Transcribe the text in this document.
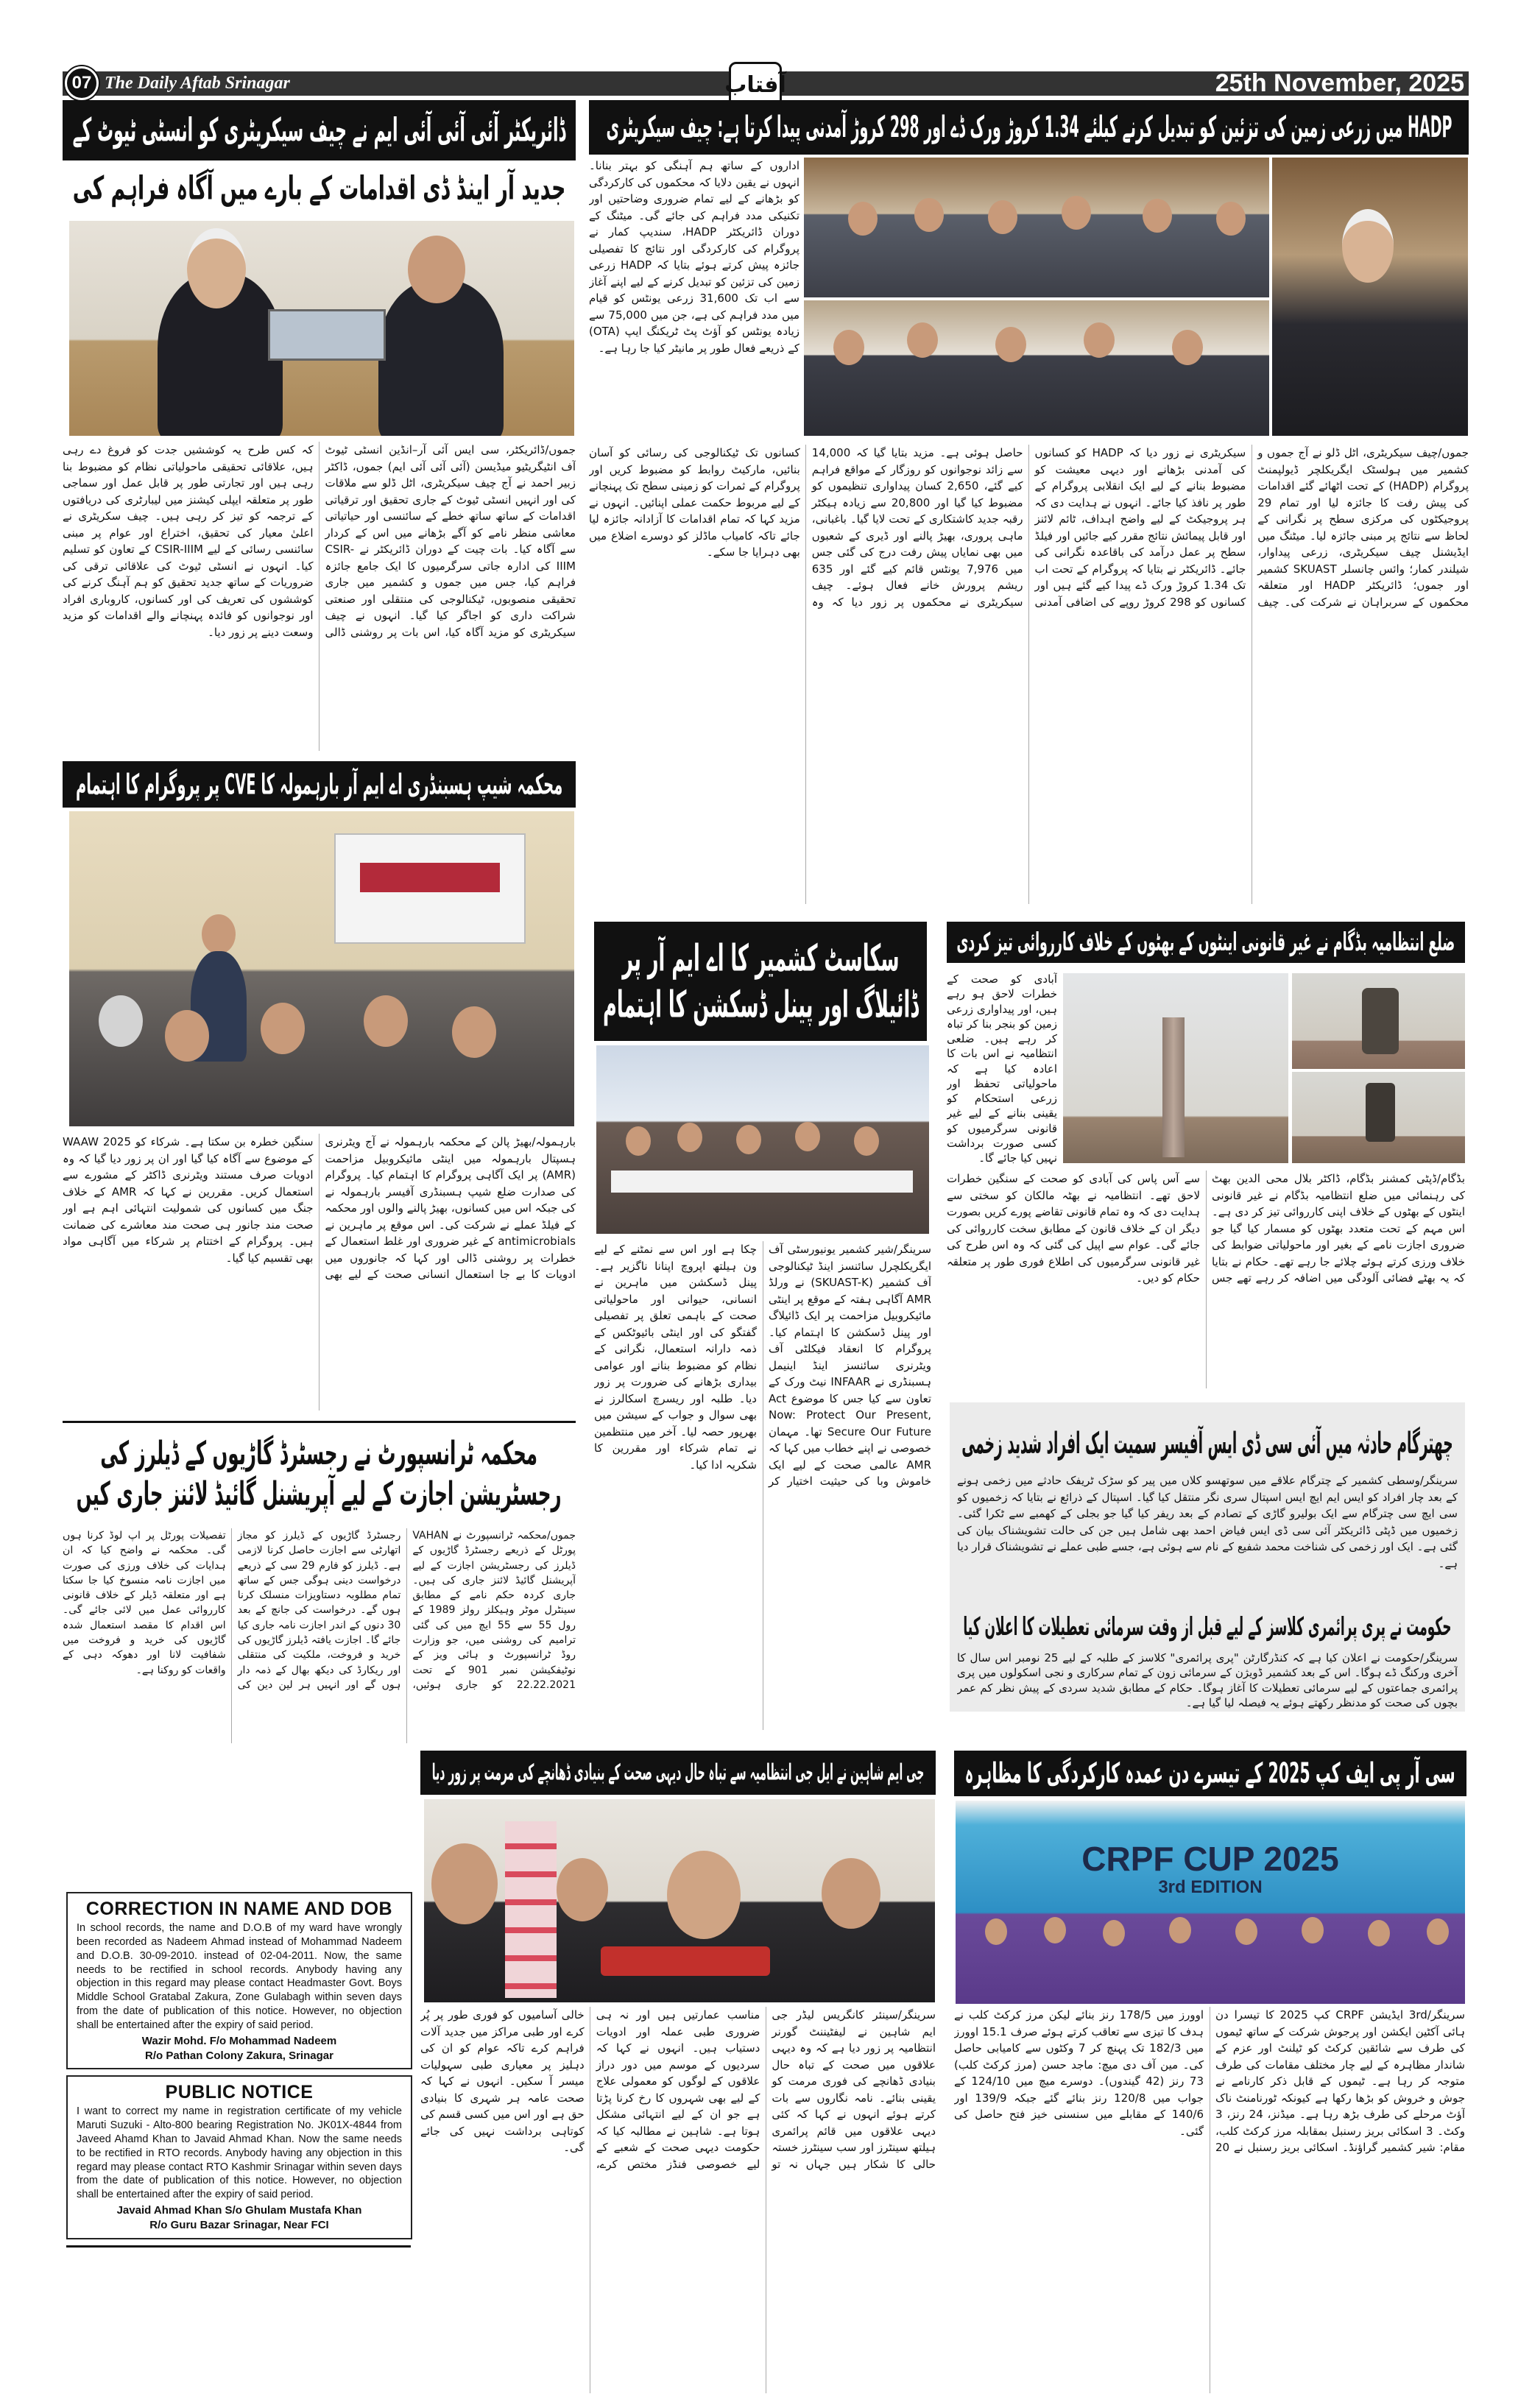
07 The Daily Aftab Srinagar	آفتاب	25th November, 2025
ڈائریکٹر آئی آئی آئی ایم نے چیف سیکریٹری کو انسٹی ٹیوٹ کے
جدید آر اینڈ ڈی اقدامات کے بارے میں آگاہ فراہم کی
جموں/ڈائریکٹر، سی ایس آئی آر–انڈین انسٹی ٹیوٹ آف انٹیگریٹیو میڈیسن (آئی آئی آئی ایم) جموں، ڈاکٹر زبیر احمد نے آج چیف سیکریٹری، اٹل ڈلو سے ملاقات کی اور انہیں انسٹی ٹیوٹ کے جاری تحقیق اور ترقیاتی اقدامات کے ساتھ ساتھ خطے کے سائنسی اور حیاتیاتی معاشی منظر نامے کو آگے بڑھانے میں اس کے کردار سے آگاہ کیا۔ بات چیت کے دوران ڈائریکٹر نے CSIR-IIIM کی ادارہ جاتی سرگرمیوں کا ایک جامع جائزہ فراہم کیا، جس میں جموں و کشمیر میں جاری تحقیقی منصوبوں، ٹیکنالوجی کی منتقلی اور صنعتی شراکت داری کو اجاگر کیا گیا۔ انہوں نے چیف سیکریٹری کو مزید آگاہ کیا، اس بات پر روشنی ڈالی کہ کس طرح یہ کوششیں جدت کو فروغ دے رہی ہیں، علاقائی تحقیقی ماحولیاتی نظام کو مضبوط بنا رہی ہیں اور تجارتی طور پر قابل عمل اور سماجی طور پر متعلقہ ایپلی کیشنز میں لیبارٹری کی دریافتوں کے ترجمہ کو تیز کر رہی ہیں۔ چیف سکریٹری نے اعلیٰ معیار کی تحقیق، اختراع اور عوام پر مبنی سائنسی رسائی کے لیے CSIR-IIIM کے تعاون کو تسلیم کیا۔ انہوں نے انسٹی ٹیوٹ کی علاقائی ترقی کی ضروریات کے ساتھ جدید تحقیق کو ہم آہنگ کرنے کی کوششوں کی تعریف کی اور کسانوں، کاروباری افراد اور نوجوانوں کو فائدہ پہنچانے والے اقدامات کو مزید وسعت دینے پر زور دیا۔
HADP میں زرعی زمین کی تزئین کو تبدیل کرنے کیلئے 1.34 کروڑ ورک ڈے اور 298 کروڑ آمدنی پیدا کرتا ہے: چیف سیکریٹری
اداروں کے ساتھ ہم آہنگی کو بہتر بنانا۔ انہوں نے یقین دلایا کہ محکموں کی کارکردگی کو بڑھانے کے لیے تمام ضروری وضاحتیں اور تکنیکی مدد فراہم کی جائے گی۔ میٹنگ کے دوران ڈائریکٹر HADP، سندیپ کمار نے پروگرام کی کارکردگی اور نتائج کا تفصیلی جائزہ پیش کرتے ہوئے بتایا کہ HADP زرعی زمین کی تزئین کو تبدیل کرنے کے لیے اپنے آغاز سے اب تک 31,600 زرعی یونٹس کو قیام میں مدد فراہم کی ہے، جن میں 75,000 سے زیادہ یونٹس کو آؤٹ پٹ ٹریکنگ ایپ (OTA) کے ذریعے فعال طور پر مانیٹر کیا جا رہا ہے۔
جموں/چیف سیکریٹری، اٹل ڈلو نے آج جموں و کشمیر میں ہولسٹک ایگریکلچر ڈیولپمنٹ پروگرام (HADP) کے تحت اٹھائے گئے اقدامات کی پیش رفت کا جائزہ لیا اور تمام 29 پروجیکٹوں کی مرکزی سطح پر نگرانی کے لحاظ سے نتائج پر مبنی جائزہ لیا۔ میٹنگ میں ایڈیشنل چیف سیکریٹری، زرعی پیداوار، شیلندر کمار؛ وائس چانسلر SKUAST کشمیر اور جموں؛ ڈائریکٹر HADP اور متعلقہ محکموں کے سربراہان نے شرکت کی۔ چیف سیکریٹری نے زور دیا کہ HADP کو کسانوں کی آمدنی بڑھانے اور دیہی معیشت کو مضبوط بنانے کے لیے ایک انقلابی پروگرام کے طور پر نافذ کیا جائے۔ انہوں نے ہدایت دی کہ ہر پروجیکٹ کے لیے واضح اہداف، ٹائم لائنز اور قابل پیمائش نتائج مقرر کیے جائیں اور فیلڈ سطح پر عمل درآمد کی باقاعدہ نگرانی کی جائے۔ ڈائریکٹر نے بتایا کہ پروگرام کے تحت اب تک 1.34 کروڑ ورک ڈے پیدا کیے گئے ہیں اور کسانوں کو 298 کروڑ روپے کی اضافی آمدنی حاصل ہوئی ہے۔ مزید بتایا گیا کہ 14,000 سے زائد نوجوانوں کو روزگار کے مواقع فراہم کیے گئے، 2,650 کسان پیداواری تنظیموں کو مضبوط کیا گیا اور 20,800 سے زیادہ ہیکٹر رقبہ جدید کاشتکاری کے تحت لایا گیا۔ باغبانی، ماہی پروری، بھیڑ پالنے اور ڈیری کے شعبوں میں بھی نمایاں پیش رفت درج کی گئی جس میں 7,976 یونٹس قائم کیے گئے اور 635 ریشم پرورش خانے فعال ہوئے۔ چیف سیکریٹری نے محکموں پر زور دیا کہ وہ کسانوں تک ٹیکنالوجی کی رسائی کو آسان بنائیں، مارکیٹ روابط کو مضبوط کریں اور پروگرام کے ثمرات کو زمینی سطح تک پہنچانے کے لیے مربوط حکمت عملی اپنائیں۔ انہوں نے مزید کہا کہ تمام اقدامات کا آزادانہ جائزہ لیا جائے تاکہ کامیاب ماڈلز کو دوسرے اضلاع میں بھی دہرایا جا سکے۔
محکمہ شیپ ہسبنڈری اے ایم آر بارہمولہ کا CVE پر پروگرام کا اہتمام
بارہمولہ/بھیڑ پالن کے محکمہ بارہمولہ نے آج ویٹرنری ہسپتال بارہمولہ میں اینٹی مائیکروبیل مزاحمت (AMR) پر ایک آگاہی پروگرام کا اہتمام کیا۔ پروگرام کی صدارت ضلع شیپ ہسبنڈری آفیسر بارہمولہ نے کی جبکہ اس میں کسانوں، بھیڑ پالنے والوں اور محکمہ کے فیلڈ عملے نے شرکت کی۔ اس موقع پر ماہرین نے antimicrobials کے غیر ضروری اور غلط استعمال کے خطرات پر روشنی ڈالی اور کہا کہ جانوروں میں ادویات کا بے جا استعمال انسانی صحت کے لیے بھی سنگین خطرہ بن سکتا ہے۔ شرکاء کو WAAW 2025 کے موضوع سے آگاہ کیا گیا اور ان پر زور دیا گیا کہ وہ ادویات صرف مستند ویٹرنری ڈاکٹر کے مشورے سے استعمال کریں۔ مقررین نے کہا کہ AMR کے خلاف جنگ میں کسانوں کی شمولیت انتہائی اہم ہے اور صحت مند جانور ہی صحت مند معاشرے کی ضمانت ہیں۔ پروگرام کے اختتام پر شرکاء میں آگاہی مواد بھی تقسیم کیا گیا۔
سکاسٹ کشمیر کا اے ایم آر پر ڈائیلاگ اور پینل ڈسکشن کا اہتمام
سرینگر/شیر کشمیر یونیورسٹی آف ایگریکلچرل سائنسز اینڈ ٹیکنالوجی آف کشمیر (SKUAST-K) نے ورلڈ AMR آگاہی ہفتہ کے موقع پر اینٹی مائیکروبیل مزاحمت پر ایک ڈائیلاگ اور پینل ڈسکشن کا اہتمام کیا۔ پروگرام کا انعقاد فیکلٹی آف ویٹرنری سائنسز اینڈ اینیمل ہسبنڈری نے INFAAR نیٹ ورک کے تعاون سے کیا جس کا موضوع Act Now: Protect Our Present, Secure Our Future تھا۔ مہمان خصوصی نے اپنے خطاب میں کہا کہ AMR عالمی صحت کے لیے ایک خاموش وبا کی حیثیت اختیار کر چکا ہے اور اس سے نمٹنے کے لیے ون ہیلتھ اپروچ اپنانا ناگزیر ہے۔ پینل ڈسکشن میں ماہرین نے انسانی، حیوانی اور ماحولیاتی صحت کے باہمی تعلق پر تفصیلی گفتگو کی اور اینٹی بائیوٹکس کے ذمہ دارانہ استعمال، نگرانی کے نظام کو مضبوط بنانے اور عوامی بیداری بڑھانے کی ضرورت پر زور دیا۔ طلبہ اور ریسرچ اسکالرز نے بھی سوال و جواب کے سیشن میں بھرپور حصہ لیا۔ آخر میں منتظمین نے تمام شرکاء اور مقررین کا شکریہ ادا کیا۔
ضلع انتظامیہ بڈگام نے غیر قانونی اینٹوں کے بھٹوں کے خلاف کارروائی تیز کردی
آبادی کو صحت کے خطرات لاحق ہو رہے ہیں، اور پیداواری زرعی زمین کو بنجر بنا کر تباہ کر رہے ہیں۔ ضلعی انتظامیہ نے اس بات کا اعادہ کیا ہے کہ ماحولیاتی تحفظ اور زرعی استحکام کو یقینی بنانے کے لیے غیر قانونی سرگرمیوں کو کسی صورت برداشت نہیں کیا جائے گا۔
بڈگام/ڈپٹی کمشنر بڈگام، ڈاکٹر بلال محی الدین بھٹ کی رہنمائی میں ضلع انتظامیہ بڈگام نے غیر قانونی اینٹوں کے بھٹوں کے خلاف اپنی کارروائی تیز کر دی ہے۔ اس مہم کے تحت متعدد بھٹوں کو مسمار کیا گیا جو ضروری اجازت نامے کے بغیر اور ماحولیاتی ضوابط کی خلاف ورزی کرتے ہوئے چلائے جا رہے تھے۔ حکام نے بتایا کہ یہ بھٹے فضائی آلودگی میں اضافہ کر رہے تھے جس سے آس پاس کی آبادی کو صحت کے سنگین خطرات لاحق تھے۔ انتظامیہ نے بھٹہ مالکان کو سختی سے ہدایت دی کہ وہ تمام قانونی تقاضے پورے کریں بصورت دیگر ان کے خلاف قانون کے مطابق سخت کارروائی کی جائے گی۔ عوام سے اپیل کی گئی کہ وہ اس طرح کی غیر قانونی سرگرمیوں کی اطلاع فوری طور پر متعلقہ حکام کو دیں۔
چھترگام حادثہ میں آئی سی ڈی ایس آفیسر سمیت ایک افراد شدید زخمی
سرینگر/وسطی کشمیر کے چترگام علاقے میں سوتھسو کلاں میں پیر کو سڑک ٹریفک حادثے میں زخمی ہونے کے بعد چار افراد کو ایس ایم ایچ ایس اسپتال سری نگر منتقل کیا گیا۔ اسپتال کے ذرائع نے بتایا کہ زخمیوں کو سی ایچ سی چترگام سے ایک بولیرو گاڑی کے تصادم کے بعد ریفر کیا گیا جو بجلی کے کھمبے سے ٹکرا گئی۔ زخمیوں میں ڈپٹی ڈائریکٹر آئی سی ڈی ایس فیاض احمد بھی شامل ہیں جن کی حالت تشویشناک بیان کی گئی ہے۔ ایک اور زخمی کی شناخت محمد شفیع کے نام سے ہوئی ہے، جسے طبی عملے نے تشویشناک قرار دیا ہے۔
حکومت نے پری پرائمری کلاسز کے لیے قبل از وقت سرمائی تعطیلات کا اعلان کیا
سرینگر/حکومت نے اعلان کیا ہے کہ کنڈرگارٹن "پری پرائمری" کلاسز کے طلبہ کے لیے 25 نومبر اس سال کا آخری ورکنگ ڈے ہوگا۔ اس کے بعد کشمیر ڈویژن کے سرمائی زون کے تمام سرکاری و نجی اسکولوں میں پری پرائمری جماعتوں کے لیے سرمائی تعطیلات کا آغاز ہوگا۔ حکام کے مطابق شدید سردی کے پیش نظر کم عمر بچوں کی صحت کو مدنظر رکھتے ہوئے یہ فیصلہ لیا گیا ہے۔
محکمہ ٹرانسپورٹ نے رجسٹرڈ گاڑیوں کے ڈیلرز کی رجسٹریشن اجازت کے لیے آپریشنل گائیڈ لائنز جاری کیں
جموں/محکمہ ٹرانسپورٹ نے VAHAN پورٹل کے ذریعے رجسٹرڈ گاڑیوں کے ڈیلرز کی رجسٹریشن اجازت کے لیے آپریشنل گائیڈ لائنز جاری کی ہیں۔ جاری کردہ حکم نامے کے مطابق سینٹرل موٹر وہیکلز رولز 1989 کے رول 55 سے 55 ایچ میں کی گئی ترامیم کی روشنی میں، جو وزارت روڈ ٹرانسپورٹ و ہائی ویز کے نوٹیفکیشن نمبر 901 کے تحت 22.22.2021 کو جاری ہوئیں، رجسٹرڈ گاڑیوں کے ڈیلرز کو مجاز اتھارٹی سے اجازت حاصل کرنا لازمی ہے۔ ڈیلرز کو فارم 29 سی کے ذریعے درخواست دینی ہوگی جس کے ساتھ تمام مطلوبہ دستاویزات منسلک کرنا ہوں گے۔ درخواست کی جانچ کے بعد 30 دنوں کے اندر اجازت نامہ جاری کیا جائے گا۔ اجازت یافتہ ڈیلرز گاڑیوں کی خرید و فروخت، ملکیت کی منتقلی اور ریکارڈ کی دیکھ بھال کے ذمہ دار ہوں گے اور انہیں ہر لین دین کی تفصیلات پورٹل پر اپ لوڈ کرنا ہوں گی۔ محکمہ نے واضح کیا کہ ان ہدایات کی خلاف ورزی کی صورت میں اجازت نامہ منسوخ کیا جا سکتا ہے اور متعلقہ ڈیلر کے خلاف قانونی کارروائی عمل میں لائی جائے گی۔ اس اقدام کا مقصد استعمال شدہ گاڑیوں کی خرید و فروخت میں شفافیت لانا اور دھوکہ دہی کے واقعات کو روکنا ہے۔
CORRECTION IN NAME AND DOB

In school records, the name and D.O.B of my ward have wrongly been recorded as Nadeem Ahmad instead of Mohammad Nadeem and D.O.B. 30-09-2010. instead of 02-04-2011. Now, the same needs to be rectified in school records. Anybody having any objection in this regard may please contact Headmaster Govt. Boys Middle School Gratabal Zakura, Zone Gulabagh within seven days from the date of publication of this notice. However, no objection shall be entertained after the expiry of said period.

Wazir Mohd. F/o Mohammad Nadeem

R/o Pathan Colony Zakura, Srinagar

PUBLIC NOTICE

I want to correct my name in registration certificate of my vehicle Maruti Suzuki - Alto-800 bearing Registration No. JK01X-4844 from Javeed Ahamd Khan to Javaid Ahmad Khan. Now the same needs to be rectified in RTO records. Anybody having any objection in this regard may please contact RTO Kashmir Srinagar within seven days from the date of publication of this notice. However, no objection shall be entertained after the expiry of said period.

Javaid Ahmad Khan S/o Ghulam Mustafa Khan

R/o Guru Bazar Srinagar, Near FCI

جی ایم شاہین نے ایل جی انتظامیہ سے تباہ حال دیہی صحت کے بنیادی ڈھانچے کی مرمت پر زور دیا
سرینگر/سینئر کانگریس لیڈر جی ایم شاہین نے لیفٹیننٹ گورنر انتظامیہ پر زور دیا ہے کہ وہ دیہی علاقوں میں صحت کے تباہ حال بنیادی ڈھانچے کی فوری مرمت کو یقینی بنائے۔ نامہ نگاروں سے بات کرتے ہوئے انہوں نے کہا کہ کئی دیہی علاقوں میں قائم پرائمری ہیلتھ سینٹرز اور سب سینٹرز خستہ حالی کا شکار ہیں جہاں نہ تو مناسب عمارتیں ہیں اور نہ ہی ضروری طبی عملہ اور ادویات دستیاب ہیں۔ انہوں نے کہا کہ سردیوں کے موسم میں دور دراز علاقوں کے لوگوں کو معمولی علاج کے لیے بھی شہروں کا رخ کرنا پڑتا ہے جو ان کے لیے انتہائی مشکل ہوتا ہے۔ شاہین نے مطالبہ کیا کہ حکومت دیہی صحت کے شعبے کے لیے خصوصی فنڈز مختص کرے، خالی آسامیوں کو فوری طور پر پُر کرے اور طبی مراکز میں جدید آلات فراہم کرے تاکہ عوام کو ان کی دہلیز پر معیاری طبی سہولیات میسر آ سکیں۔ انہوں نے کہا کہ صحت عامہ ہر شہری کا بنیادی حق ہے اور اس میں کسی قسم کی کوتاہی برداشت نہیں کی جائے گی۔
سی آر پی ایف کپ 2025 کے تیسرے دن عمدہ کارکردگی کا مظاہرہ
CRPF CUP 2025
3rd EDITION
سرینگر/3rd ایڈیشن CRPF کپ 2025 کا تیسرا دن ہائی آکٹین ایکشن اور پرجوش شرکت کے ساتھ ٹیموں کی طرف سے شائقین کرکٹ کو ٹیلنٹ اور عزم کے شاندار مظاہرہ کے لیے چار مختلف مقامات کی طرف متوجہ کر رہا ہے۔ ٹیموں کے قابل ذکر کارنامے نے جوش و خروش کو بڑھا رکھا ہے کیونکہ ٹورنامنٹ ناک آؤٹ مرحلے کی طرف بڑھ رہا ہے۔ میڈنز، 24 رنز، 3 وکٹ۔ 3 اسکائی بریز رسنبل بمقابلہ مرز کرکٹ کلب، مقام: شیر کشمیر گراؤنڈ۔ اسکائی بریز رسنبل نے 20 اوورز میں 178/5 رنز بنائے لیکن مرز کرکٹ کلب نے ہدف کا تیزی سے تعاقب کرتے ہوئے صرف 15.1 اوورز میں 182/3 تک پہنچ کر 7 وکٹوں سے کامیابی حاصل کی۔ مین آف دی میچ: ماجد حسن (مرز کرکٹ کلب) 73 رنز (42 گیندوں)۔ دوسرے میچ میں 124/10 کے جواب میں 120/8 رنز بنائے گئے جبکہ 139/9 اور 140/6 کے مقابلے میں سنسنی خیز فتح حاصل کی گئی۔
